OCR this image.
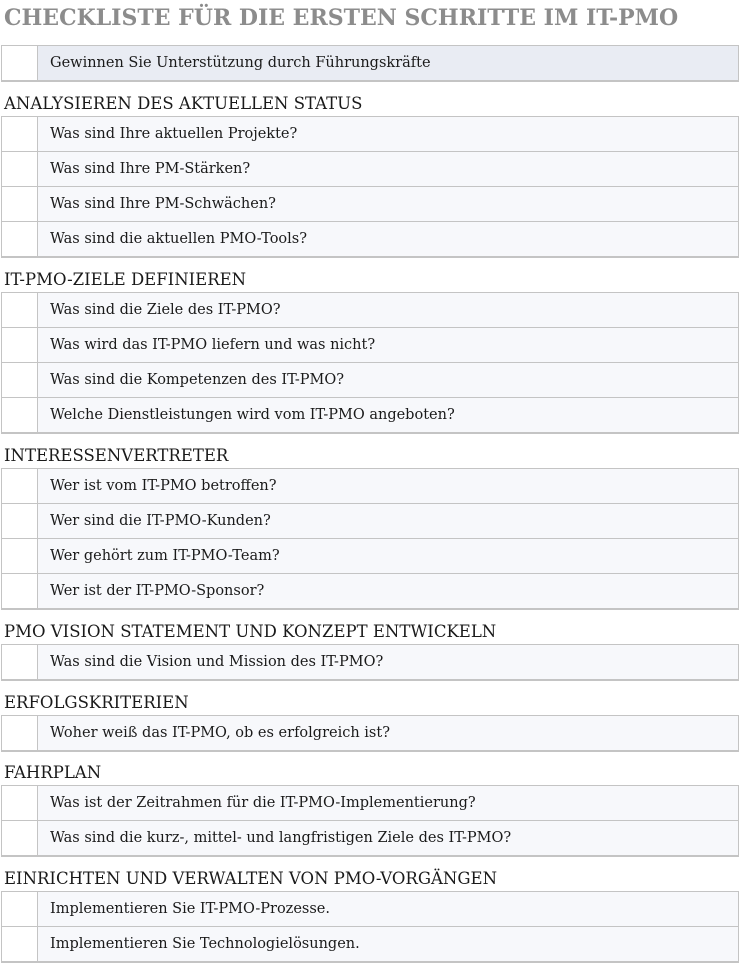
CHECKLISTE FÜR DIE ERSTEN SCHRITTE IM IT-PMO
Gewinnen Sie Unterstützung durch Führungskräfte
ANALYSIEREN DES AKTUELLEN STATUS
Was sind Ihre aktuellen Projekte?
Was sind Ihre PM-Stärken?
Was sind Ihre PM-Schwächen?
Was sind die aktuellen PMO-Tools?
IT-PMO-ZIELE DEFINIEREN
Was sind die Ziele des IT-PMO?
Was wird das IT-PMO liefern und was nicht?
Was sind die Kompetenzen des IT-PMO?
Welche Dienstleistungen wird vom IT-PMO angeboten?
INTERESSENVERTRETER
Wer ist vom IT-PMO betroffen?
Wer sind die IT-PMO-Kunden?
Wer gehört zum IT-PMO-Team?
Wer ist der IT-PMO-Sponsor?
PMO VISION STATEMENT UND KONZEPT ENTWICKELN
Was sind die Vision und Mission des IT-PMO?
ERFOLGSKRITERIEN
Woher weiß das IT-PMO, ob es erfolgreich ist?
FAHRPLAN
Was ist der Zeitrahmen für die IT-PMO-Implementierung?
Was sind die kurz-, mittel- und langfristigen Ziele des IT-PMO?
EINRICHTEN UND VERWALTEN VON PMO-VORGÄNGEN
Implementieren Sie IT-PMO-Prozesse.
Implementieren Sie Technologielösungen.
